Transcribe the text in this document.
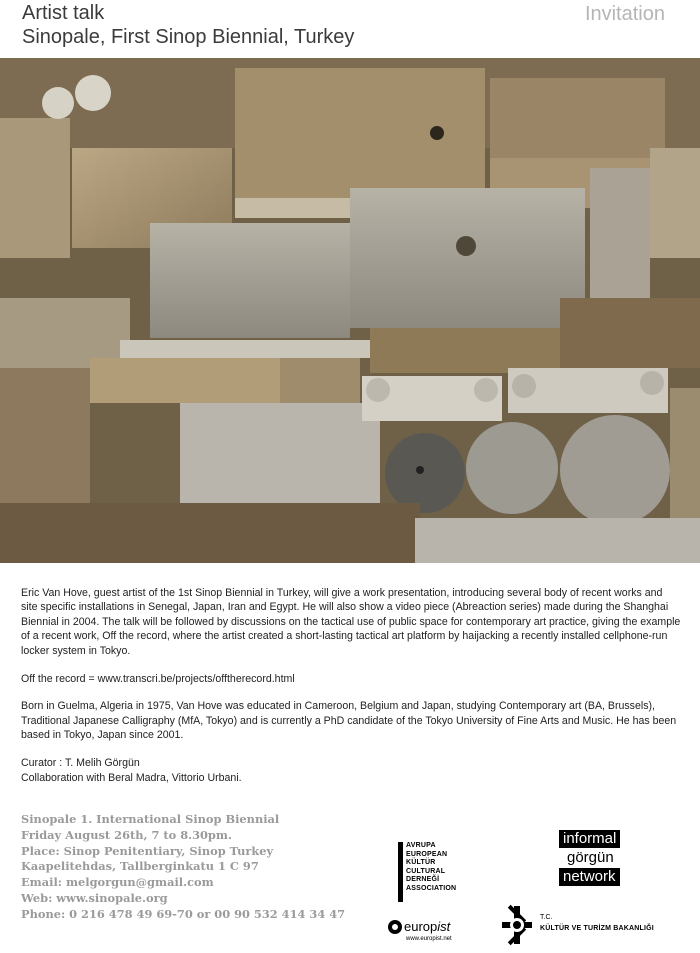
Artist talk
Sinopale, First Sinop Biennial, Turkey
Invitation

Eric Van Hove, guest artist of the 1st Sinop Biennial in Turkey, will give a work presentation, introducing several body of recent works and site specific installations in Senegal, Japan, Iran and Egypt. He will also show a video piece (Abreaction series) made during the Shanghai Biennial in 2004. The talk will be followed by discussions on the tactical use of public space for contemporary art practice, giving the example of a recent work, Off the record, where the artist created a short-lasting tactical art platform by haijacking a recently installed cellphone-run locker system in Tokyo.

Off the record = www.transcri.be/projects/offtherecord.html

Born in Guelma, Algeria in 1975, Van Hove was educated in Cameroon, Belgium and Japan, studying Contemporary art (BA, Brussels), Traditional Japanese Calligraphy (MfA, Tokyo) and is currently a PhD candidate of the Tokyo University of Fine Arts and Music. He has been based in Tokyo, Japan since 2001.

Curator : T. Melih Görgün
Collaboration with Beral Madra, Vittorio Urbani.
Sinopale 1. International Sinop Biennial
Friday August 26th, 7 to 8.30pm.
Place: Sinop Penitentiary, Sinop Turkey
Kaapelitehdas, Tallberginkatu 1 C 97
Email: melgorgun@gmail.com
Web: www.sinopale.org
Phone: 0 216 478 49 69-70 or 00 90 532 414 34 47
AVRUPA
EUROPEAN
KÜLTÜR
CULTURAL
DERNEĞİ
ASSOCIATION
informal
görgün
network
europist
www.europist.net
T.C.
KÜLTÜR VE TURİZM BAKANLIĞI
